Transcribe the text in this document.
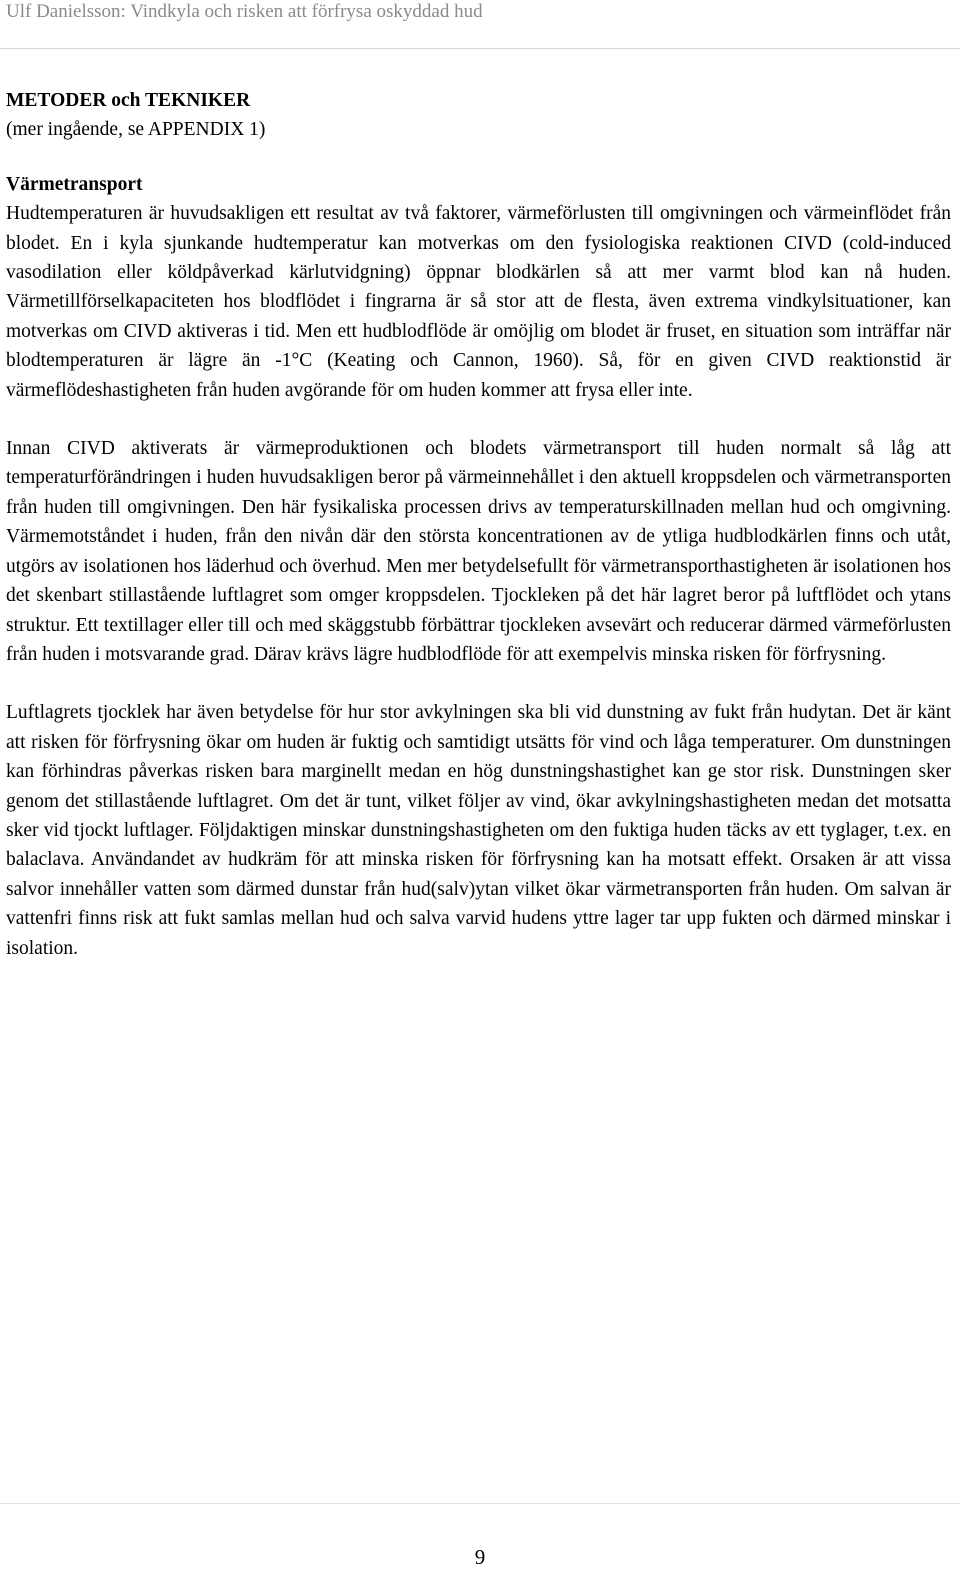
Ulf Danielsson: Vindkyla och risken att förfrysa oskyddad hud

METODER och TEKNIKER

(mer ingående, se APPENDIX 1)

Värmetransport

Hudtemperaturen är huvudsakligen ett resultat av två faktorer, värmeförlusten till omgivningen och värmeinflödet från blodet. En i kyla sjunkande hudtemperatur kan motverkas om den fysiologiska reaktionen CIVD (cold-induced vasodilation eller köldpåverkad kärlutvidgning) öppnar blodkärlen så att mer varmt blod kan nå huden. Värmetillförselkapaciteten hos blodflödet i fingrarna är så stor att de flesta, även extrema vindkylsituationer, kan motverkas om CIVD aktiveras i tid. Men ett hudblodflöde är omöjlig om blodet är fruset, en situation som inträffar när blodtemperaturen är lägre än -1°C (Keating och Cannon, 1960). Så, för en given CIVD reaktionstid är värmeflödeshastigheten från huden avgörande för om huden kommer att frysa eller inte.

Innan CIVD aktiverats är värmeproduktionen och blodets värmetransport till huden normalt så låg att temperaturförändringen i huden huvudsakligen beror på värmeinnehållet i den aktuell kroppsdelen och värmetransporten från huden till omgivningen. Den här fysikaliska processen drivs av temperaturskillnaden mellan hud och omgivning. Värmemotståndet i huden, från den nivån där den största koncentrationen av de ytliga hudblodkärlen finns och utåt, utgörs av isolationen hos läderhud och överhud. Men mer betydelsefullt för värmetransporthastigheten är isolationen hos det skenbart stillastående luftlagret som omger kroppsdelen. Tjockleken på det här lagret beror på luftflödet och ytans struktur. Ett textillager eller till och med skäggstubb förbättrar tjockleken avsevärt och reducerar därmed värmeförlusten från huden i motsvarande grad. Därav krävs lägre hudblodflöde för att exempelvis minska risken för förfrysning.

Luftlagrets tjocklek har även betydelse för hur stor avkylningen ska bli vid dunstning av fukt från hudytan. Det är känt att risken för förfrysning ökar om huden är fuktig och samtidigt utsätts för vind och låga temperaturer. Om dunstningen kan förhindras påverkas risken bara marginellt medan en hög dunstningshastighet kan ge stor risk. Dunstningen sker genom det stillastående luftlagret. Om det är tunt, vilket följer av vind, ökar avkylningshastigheten medan det motsatta sker vid tjockt luftlager. Följdaktigen minskar dunstningshastigheten om den fuktiga huden täcks av ett tyglager, t.ex. en balaclava. Användandet av hudkräm för att minska risken för förfrysning kan ha motsatt effekt. Orsaken är att vissa salvor innehåller vatten som därmed dunstar från hud(salv)ytan vilket ökar värmetransporten från huden. Om salvan är vattenfri finns risk att fukt samlas mellan hud och salva varvid hudens yttre lager tar upp fukten och därmed minskar i isolation.

9
